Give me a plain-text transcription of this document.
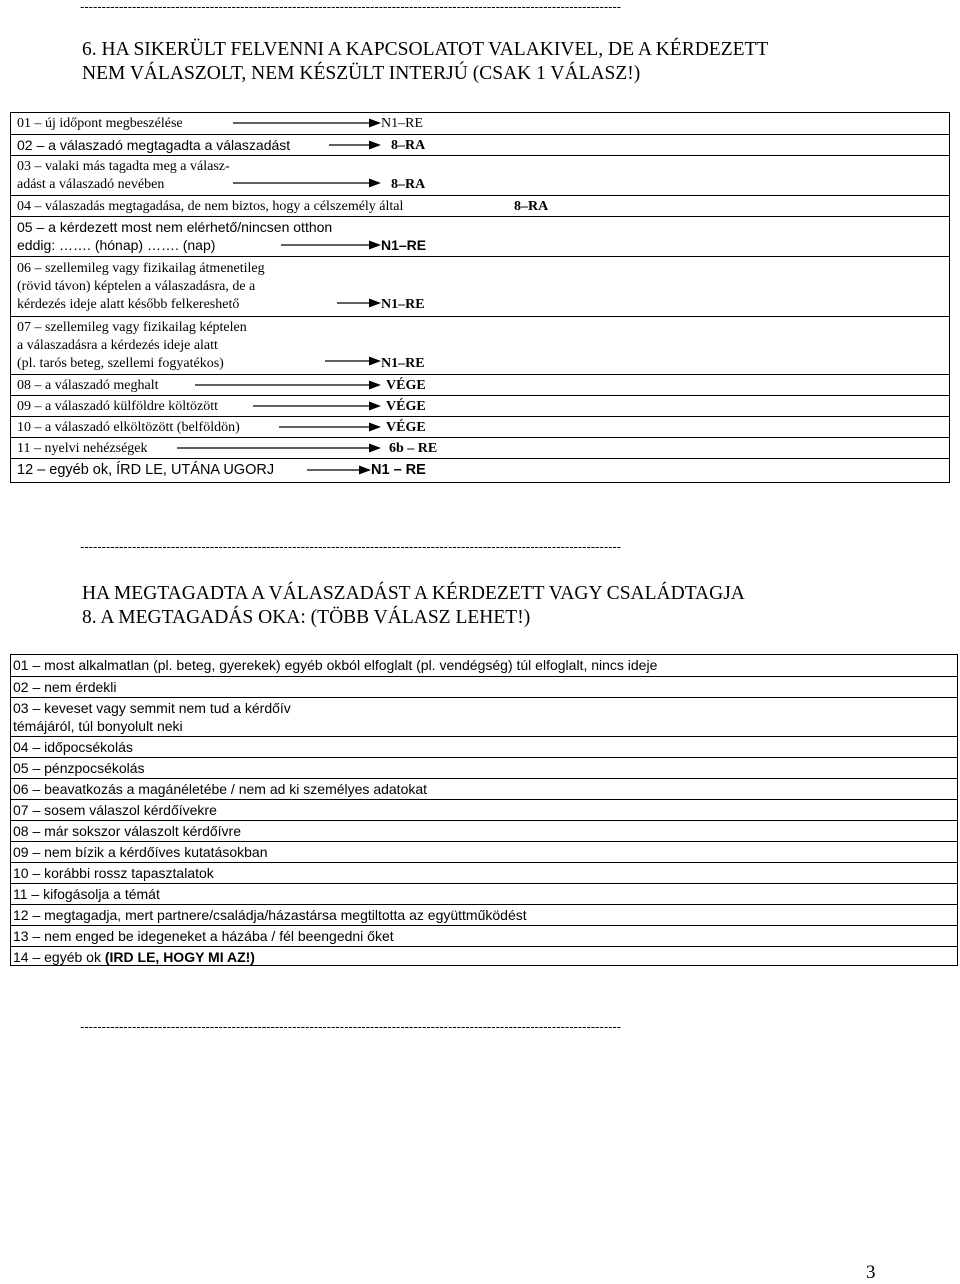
-----------------------------------------------------------------------------------------------------------------------------
6. HA SIKERÜLT FELVENNI A KAPCSOLATOT VALAKIVEL, DE A KÉRDEZETT
NEM VÁLASZOLT, NEM KÉSZÜLT INTERJÚ (CSAK 1 VÁLASZ!)
01 – új időpont megbeszélése	N1–RE
02 – a válaszadó megtagadta a válaszadást	8–RA
03 – valaki más tagadta meg a válasz-
adást a válaszadó nevében	8–RA
04 – válaszadás megtagadása, de nem biztos, hogy a célszemély által	8–RA
05 – a kérdezett most nem elérhető/nincsen otthon
eddig: ……. (hónap) ……. (nap)	N1–RE
06 – szellemileg vagy fizikailag átmenetileg
(rövid távon) képtelen a válaszadásra, de a
kérdezés ideje alatt később felkereshető	N1–RE
07 – szellemileg vagy fizikailag képtelen
a válaszadásra a kérdezés ideje alatt
(pl. tarós beteg, szellemi fogyatékos)	N1–RE
08 – a válaszadó meghalt	VÉGE
09 – a válaszadó külföldre költözött	VÉGE
10 – a válaszadó elköltözött (belföldön)	VÉGE
11 – nyelvi nehézségek	6b – RE
12 – egyéb ok, ÍRD LE, UTÁNA UGORJ	N1 – RE
-----------------------------------------------------------------------------------------------------------------------------
HA MEGTAGADTA A VÁLASZADÁST A KÉRDEZETT VAGY CSALÁDTAGJA
8. A MEGTAGADÁS OKA: (TÖBB VÁLASZ LEHET!)
01 – most alkalmatlan (pl. beteg, gyerekek) egyéb okból elfoglalt (pl. vendégség) túl elfoglalt, nincs ideje
02 – nem érdekli
03 – keveset vagy semmit nem tud a kérdőív
témájáról, túl bonyolult neki
04 – időpocsékolás
05 – pénzpocsékolás
06 – beavatkozás a magánéletébe / nem ad ki személyes adatokat
07 – sosem válaszol kérdőívekre
08 – már sokszor válaszolt kérdőívre
09 – nem bízik a kérdőíves kutatásokban
10 – korábbi rossz tapasztalatok
11 – kifogásolja a témát
12 – megtagadja, mert partnere/családja/házastársa megtiltotta az együttműködést
13 – nem enged be idegeneket a házába / fél beengedni őket
14 – egyéb ok (IRD LE, HOGY MI AZ!)
-----------------------------------------------------------------------------------------------------------------------------
3
